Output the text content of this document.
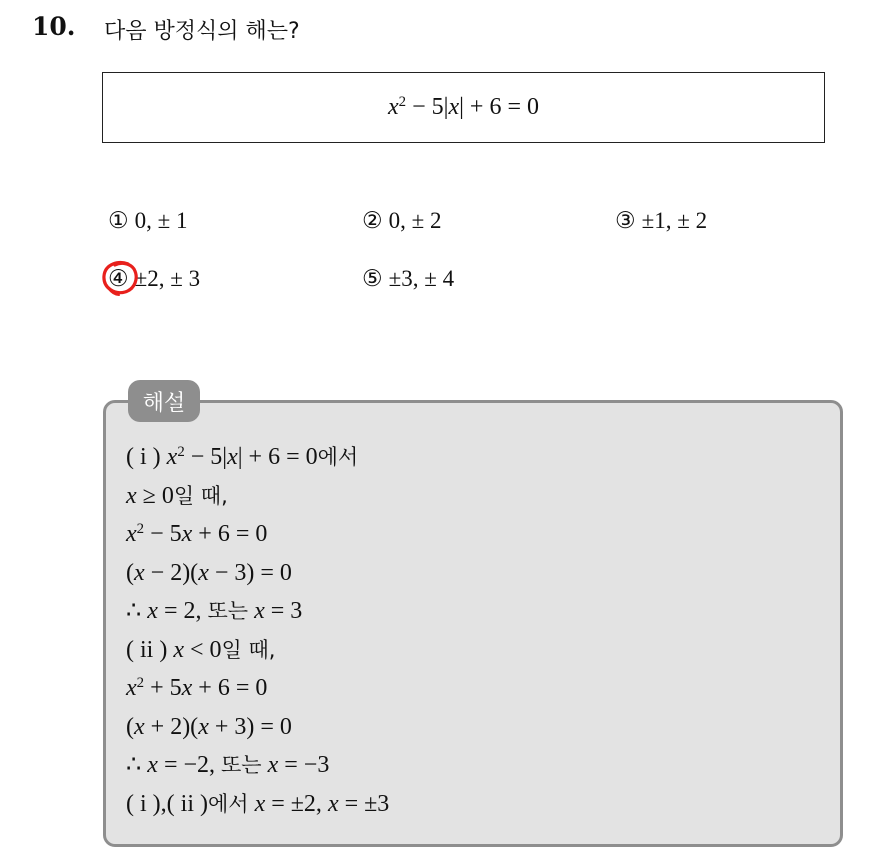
10. 다음 방정식의 해는?
$x^2 - 5|x| + 6 = 0$
① 0, ± 1	② 0, ± 2	③ ±1, ± 2
④ ±2, ± 3	⑤ ±3, ± 4
해설
( i ) $x^2 - 5|x| + 6 = 0$에서
x ≥ 0일 때,
$x^2 - 5x + 6 = 0$
(x − 2)(x − 3) = 0
∴ x = 2, 또는 x = 3
( ii ) x < 0일 때,
$x^2 + 5x + 6 = 0$
(x + 2)(x + 3) = 0
∴ x = −2, 또는 x = −3
( i ),( ii )에서 x = ±2, x = ±3
